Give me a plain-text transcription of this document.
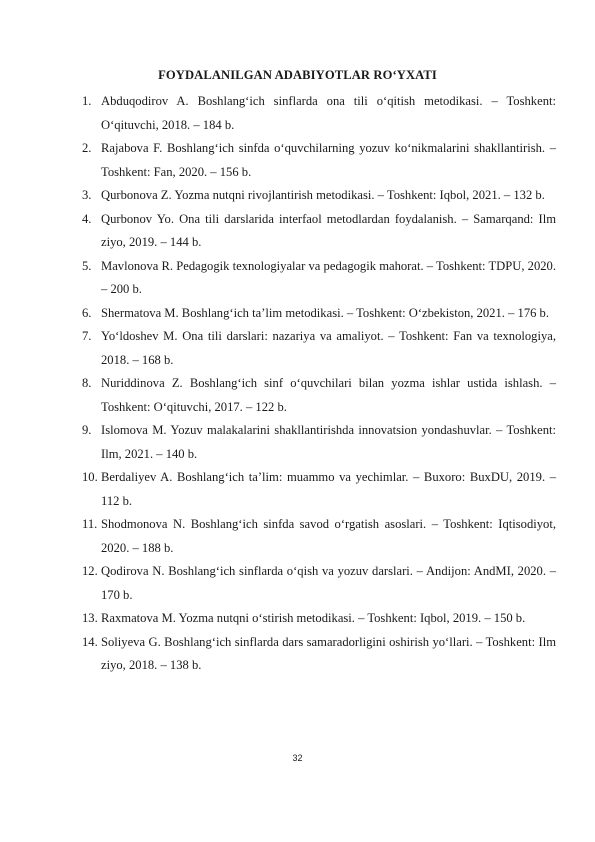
FOYDALANILGAN ADABIYOTLAR RO‘YXATI
1. Abduqodirov A. Boshlang‘ich sinflarda ona tili o‘qitish metodikasi. – Toshkent: O‘qituvchi, 2018. – 184 b.
2. Rajabova F. Boshlang‘ich sinfda o‘quvchilarning yozuv ko‘nikmalarini shakllantirish. – Toshkent: Fan, 2020. – 156 b.
3. Qurbonova Z. Yozma nutqni rivojlantirish metodikasi. – Toshkent: Iqbol, 2021. – 132 b.
4. Qurbonov Yo. Ona tili darslarida interfaol metodlardan foydalanish. – Samarqand: Ilm ziyo, 2019. – 144 b.
5. Mavlonova R. Pedagogik texnologiyalar va pedagogik mahorat. – Toshkent: TDPU, 2020. – 200 b.
6. Shermatova M. Boshlang‘ich ta’lim metodikasi. – Toshkent: O‘zbekiston, 2021. – 176 b.
7. Yo‘ldoshev M. Ona tili darslari: nazariya va amaliyot. – Toshkent: Fan va texnologiya, 2018. – 168 b.
8. Nuriddinova Z. Boshlang‘ich sinf o‘quvchilari bilan yozma ishlar ustida ishlash. – Toshkent: O‘qituvchi, 2017. – 122 b.
9. Islomova M. Yozuv malakalarini shakllantirishda innovatsion yondashuvlar. – Toshkent: Ilm, 2021. – 140 b.
10. Berdaliyev A. Boshlang‘ich ta’lim: muammo va yechimlar. – Buxoro: BuxDU, 2019. – 112 b.
11. Shodmonova N. Boshlang‘ich sinfda savod o‘rgatish asoslari. – Toshkent: Iqtisodiyot, 2020. – 188 b.
12. Qodirova N. Boshlang‘ich sinflarda o‘qish va yozuv darslari. – Andijon: AndMI, 2020. – 170 b.
13. Raxmatova M. Yozma nutqni o‘stirish metodikasi. – Toshkent: Iqbol, 2019. – 150 b.
14. Soliyeva G. Boshlang‘ich sinflarda dars samaradorligini oshirish yo‘llari. – Toshkent: Ilm ziyo, 2018. – 138 b.
32
